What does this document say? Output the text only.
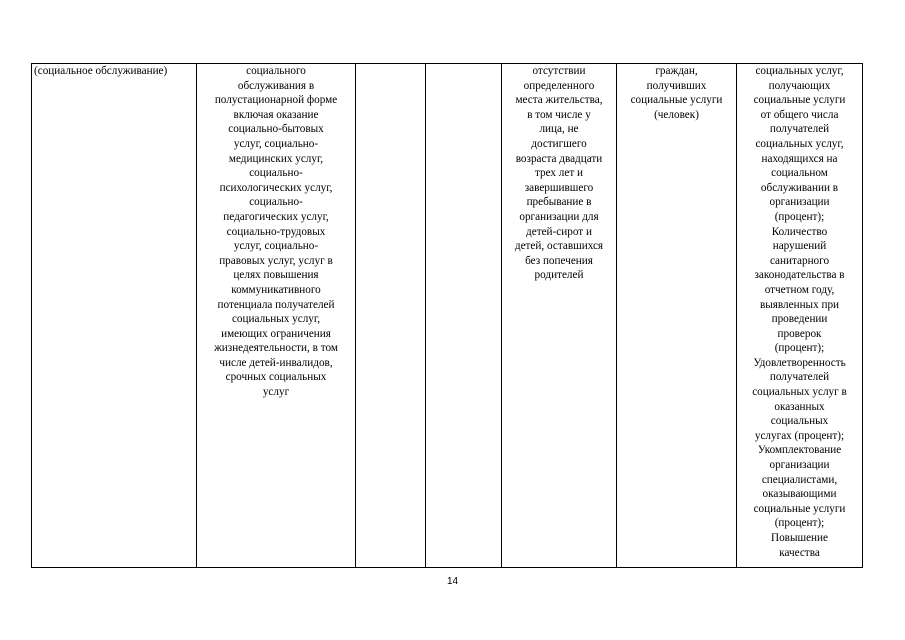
(социальное обслуживание)	социального
обслуживания в
полустационарной форме
включая оказание
социально-бытовых
услуг, социально-
медицинских услуг,
социально-
психологических услуг,
социально-
педагогических услуг,
социально-трудовых
услуг, социально-
правовых услуг, услуг в
целях повышения
коммуникативного
потенциала получателей
социальных услуг,
имеющих ограничения
жизнедеятельности, в том
числе детей-инвалидов,
срочных социальных
услуг			отсутствии
определенного
места жительства,
в том числе у
лица, не
достигшего
возраста двадцати
трех лет и
завершившего
пребывание в
организации для
детей-сирот и
детей, оставшихся
без попечения
родителей	граждан,
получивших
социальные услуги
(человек)	социальных услуг,
получающих
социальные услуги
от общего числа
получателей
социальных услуг,
находящихся на
социальном
обслуживании в
организации
(процент);
Количество
нарушений
санитарного
законодательства в
отчетном году,
выявленных при
проведении
проверок
(процент);
Удовлетворенность
получателей
социальных услуг в
оказанных
социальных
услугах (процент);
Укомплектование
организации
специалистами,
оказывающими
социальные услуги
(процент);
Повышение
качества
14
